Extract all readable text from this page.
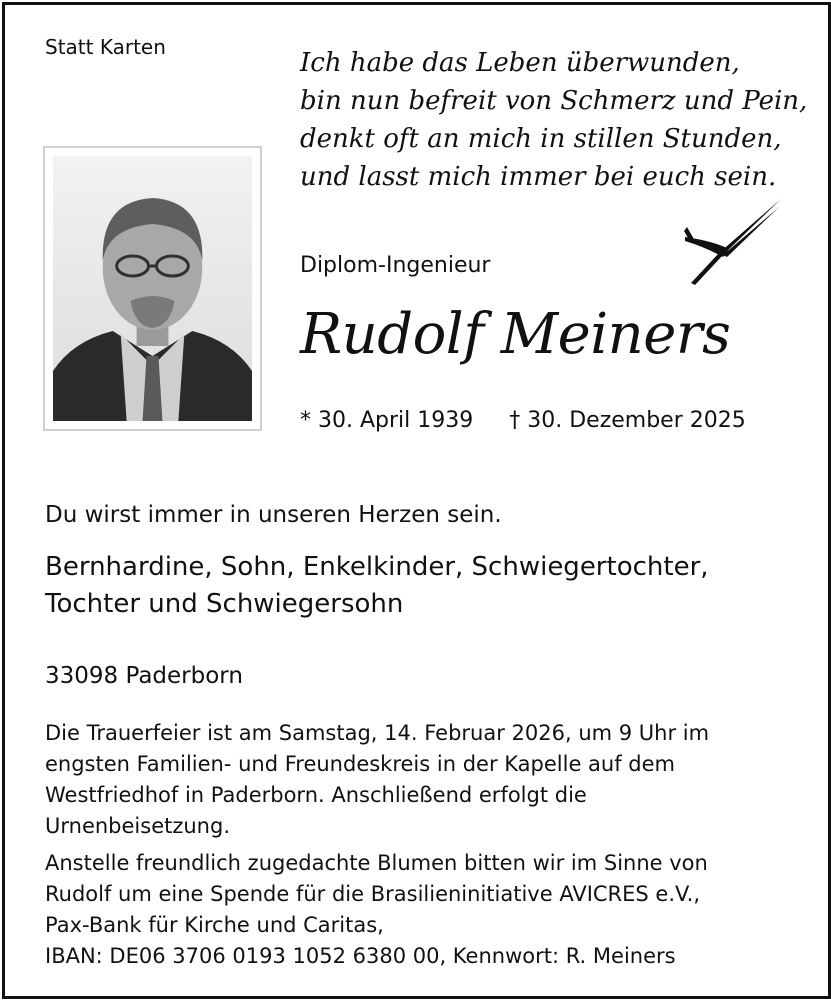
Statt Karten
Ich habe das Leben überwunden,
bin nun befreit von Schmerz und Pein,
denkt oft an mich in stillen Stunden,
und lasst mich immer bei euch sein.
Diplom-Ingenieur
Rudolf Meiners
* 30. April 1939 † 30. Dezember 2025
Du wirst immer in unseren Herzen sein.
Bernhardine, Sohn, Enkelkinder, Schwiegertochter,
Tochter und Schwiegersohn
33098 Paderborn
Die Trauerfeier ist am Samstag, 14. Februar 2026, um 9 Uhr im
engsten Familien- und Freundeskreis in der Kapelle auf dem
Westfriedhof in Paderborn. Anschließend erfolgt die
Urnenbeisetzung.
Anstelle freundlich zugedachte Blumen bitten wir im Sinne von
Rudolf um eine Spende für die Brasilieninitiative AVICRES e.V.,
Pax-Bank für Kirche und Caritas,
IBAN: DE06 3706 0193 1052 6380 00, Kennwort: R. Meiners
